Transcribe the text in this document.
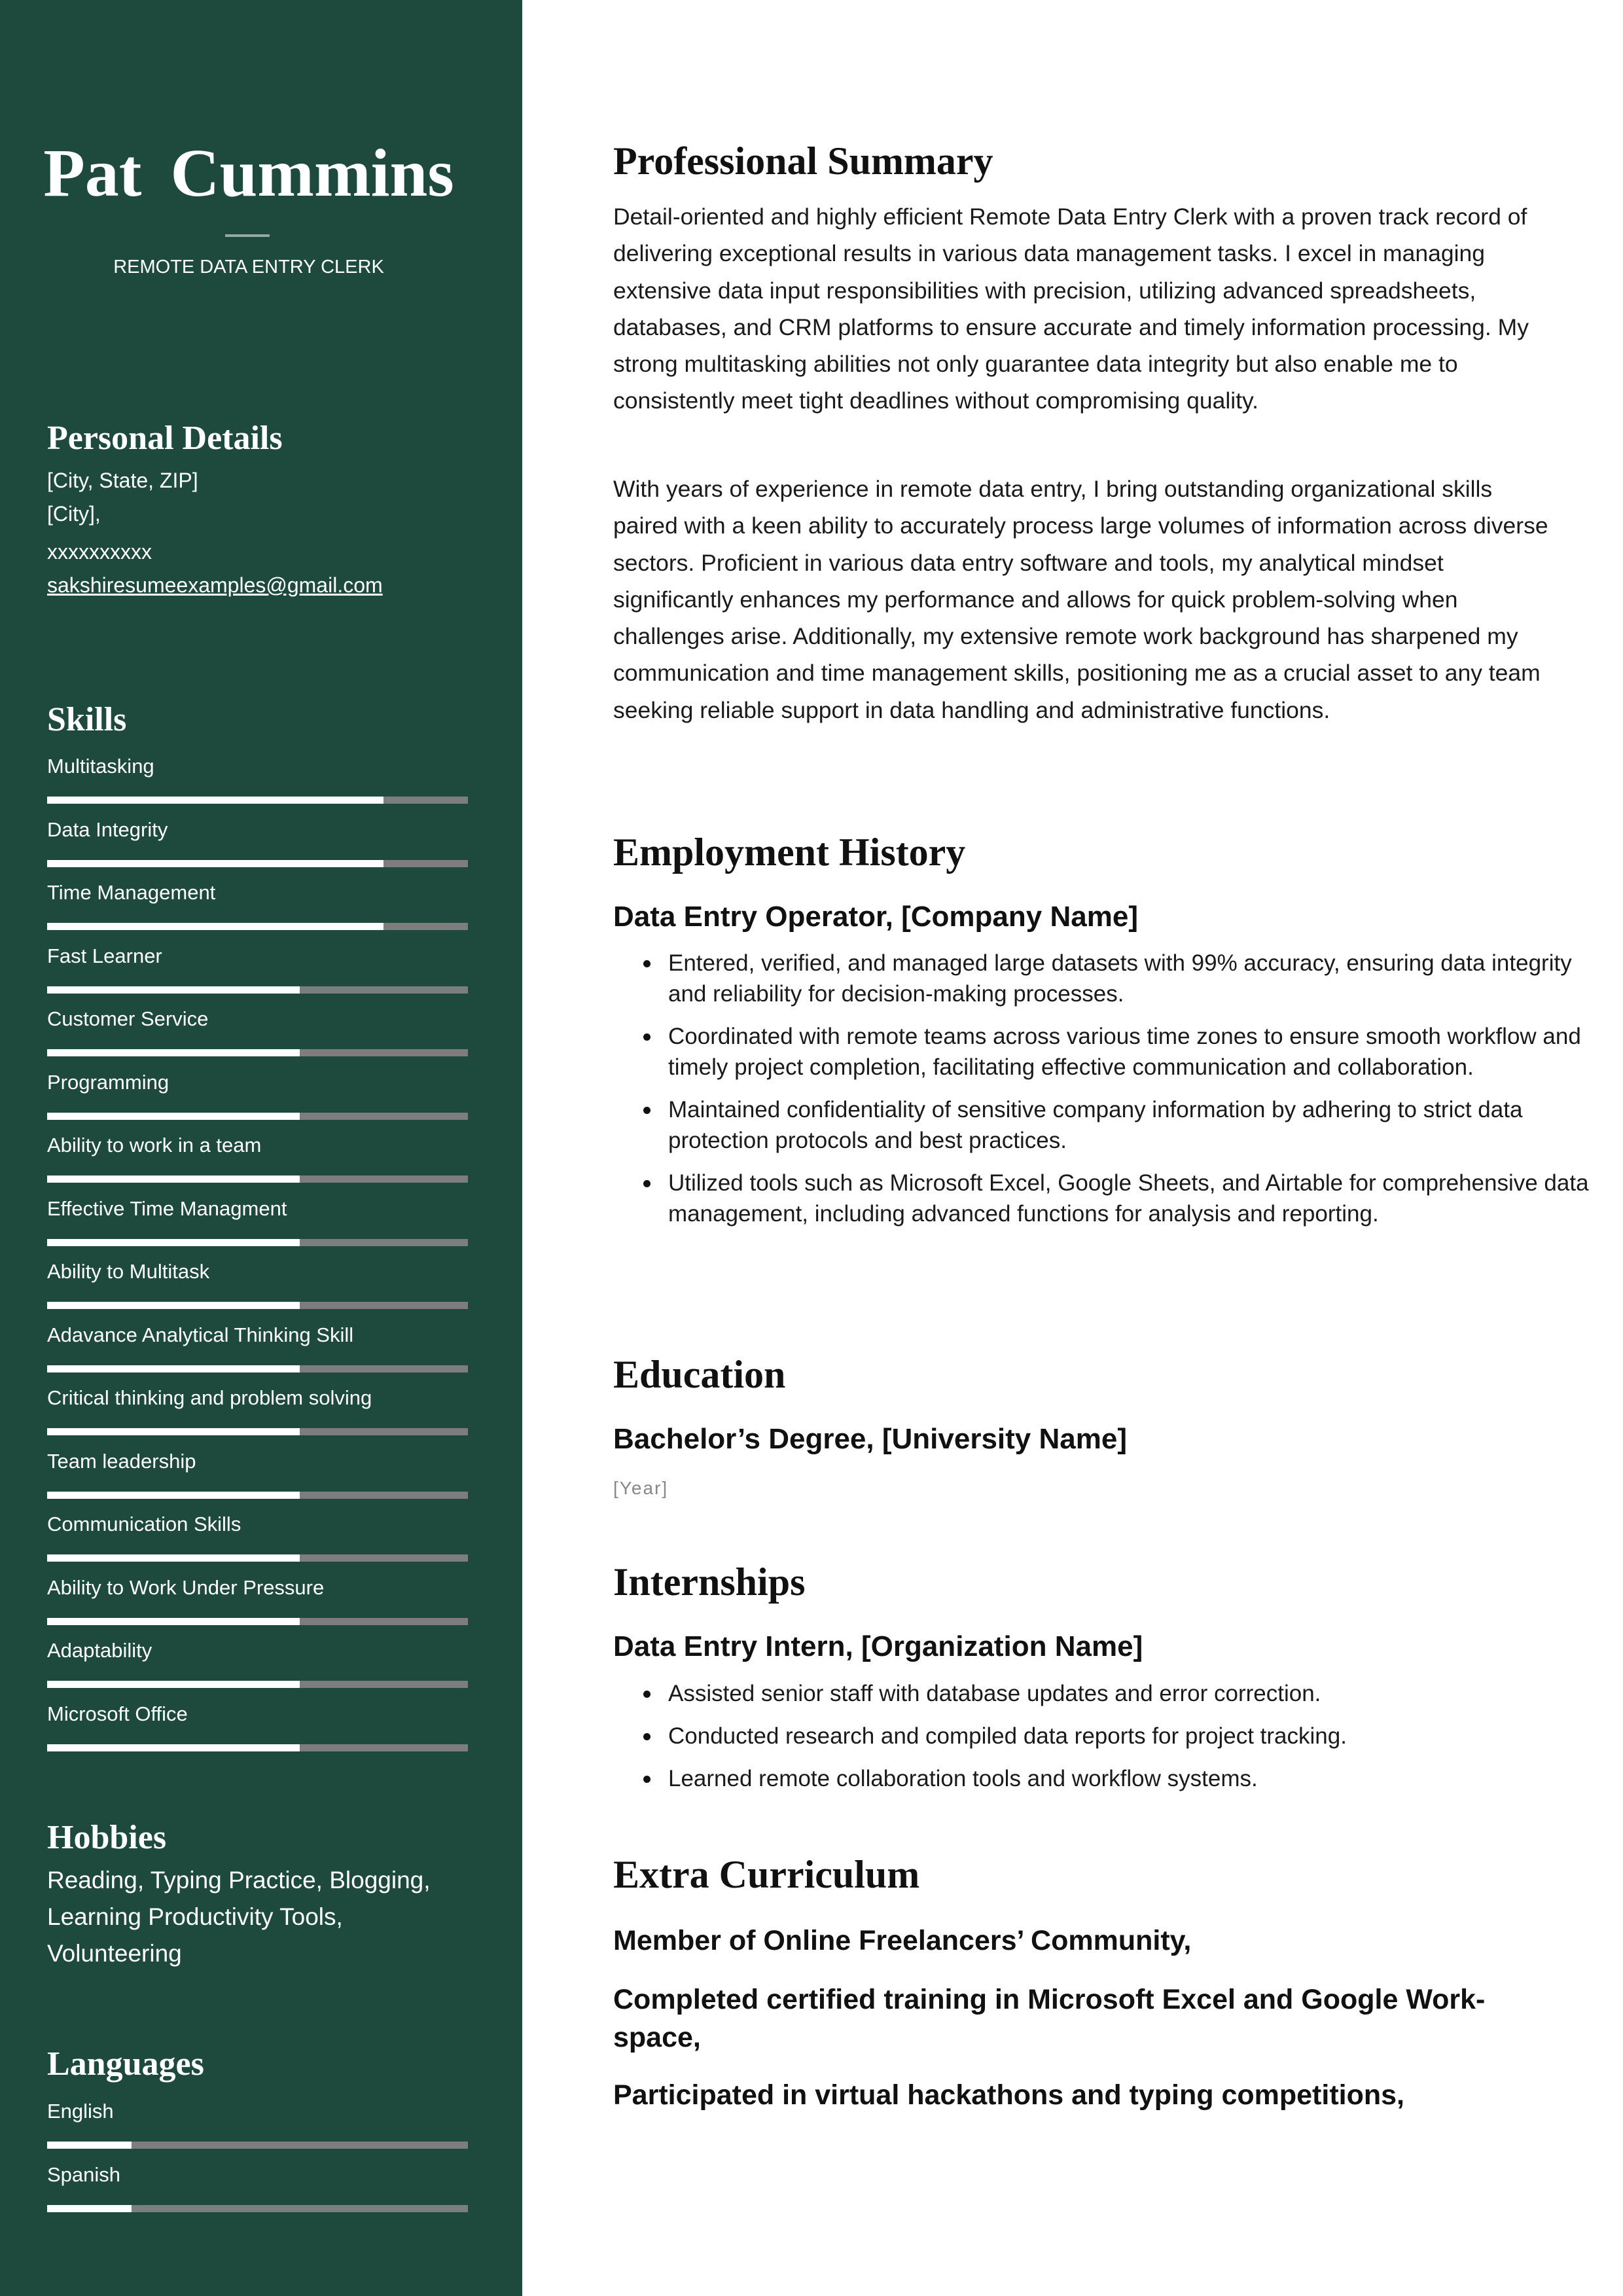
Pat Cummins
REMOTE DATA ENTRY CLERK
Personal Details
[City, State, ZIP]
[City],
xxxxxxxxxx
sakshiresumeexamples@gmail.com
Skills
Multitasking
Data Integrity
Time Management
Fast Learner
Customer Service
Programming
Ability to work in a team
Effective Time Managment
Ability to Multitask
Adavance Analytical Thinking Skill
Critical thinking and problem solving
Team leadership
Communication Skills
Ability to Work Under Pressure
Adaptability
Microsoft Office
Hobbies
Reading, Typing Practice, Blogging, Learning Productivity Tools, Volunteering
Languages
English
Spanish
Professional Summary

Detail-oriented and highly efficient Remote Data Entry Clerk with a proven track record of delivering exceptional results in various data management tasks. I excel in managing extensive data input responsibilities with precision, utilizing advanced spreadsheets, databases, and CRM platforms to ensure accurate and timely information processing. My strong multitasking abilities not only guarantee data integrity but also enable me to consistently meet tight deadlines without compromising quality.

With years of experience in remote data entry, I bring outstanding organizational skills paired with a keen ability to accurately process large volumes of information across diverse sectors. Proficient in various data entry software and tools, my analytical mindset significantly enhances my performance and allows for quick problem-solving when challenges arise. Additionally, my extensive remote work background has sharpened my communication and time management skills, positioning me as a crucial asset to any team seeking reliable support in data handling and administrative functions.

Employment History
Data Entry Operator, [Company Name]
Entered, verified, and managed large datasets with 99% accuracy, ensuring data integrity and reliability for decision-making processes.
Coordinated with remote teams across various time zones to ensure smooth workflow and timely project completion, facilitating effective communication and collaboration.
Maintained confidentiality of sensitive company information by adhering to strict data protection protocols and best practices.
Utilized tools such as Microsoft Excel, Google Sheets, and Airtable for comprehensive data management, including advanced functions for analysis and reporting.
Education
Bachelor’s Degree, [University Name]
[Year]
Internships
Data Entry Intern, [Organization Name]
Assisted senior staff with database updates and error correction.
Conducted research and compiled data reports for project tracking.
Learned remote collaboration tools and workflow systems.
Extra Curriculum
Member of Online Freelancers’ Community,
Completed certified training in Microsoft Excel and Google Work-space,
Participated in virtual hackathons and typing competitions,
